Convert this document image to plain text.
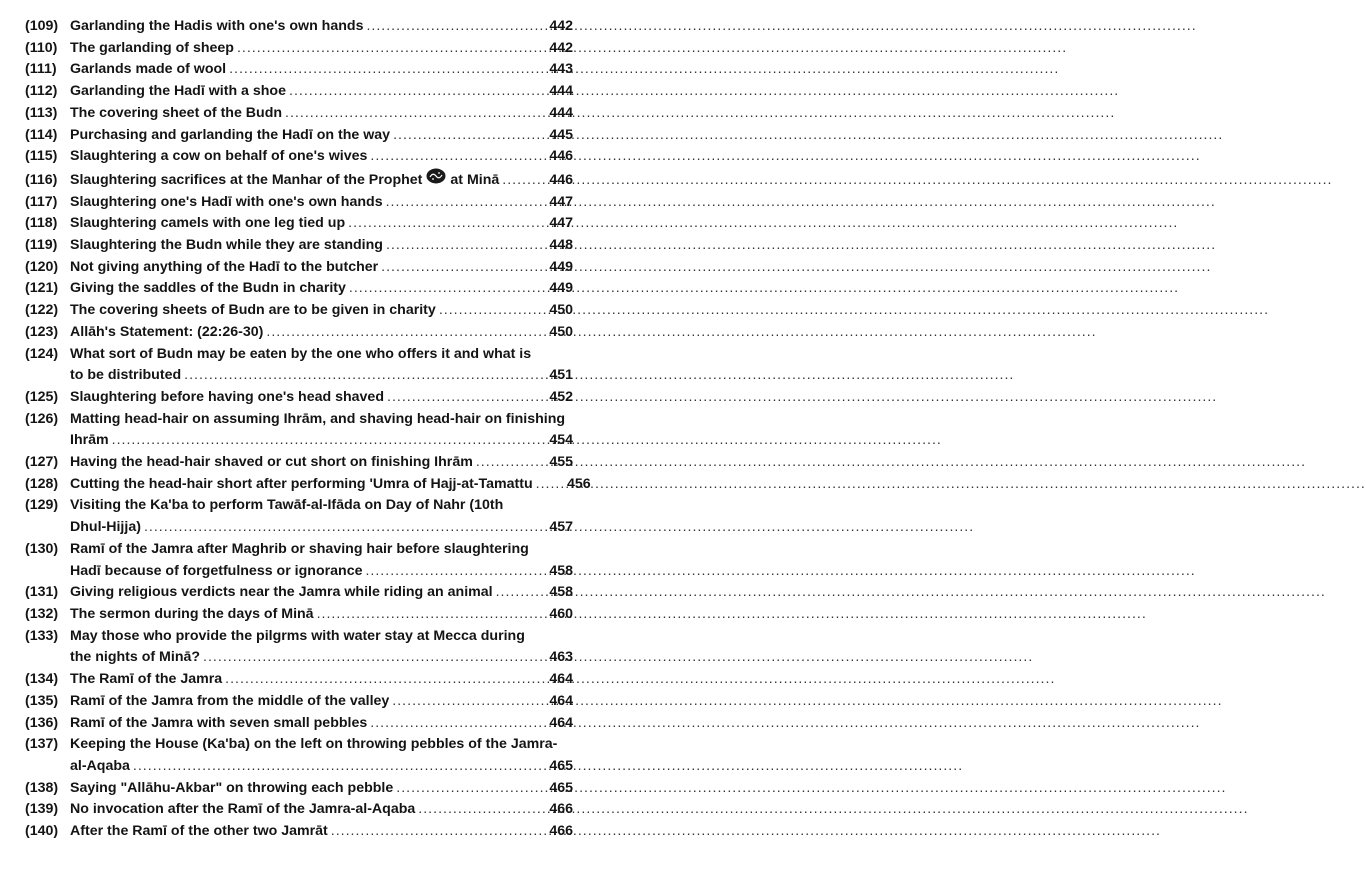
(109) Garlanding the Hadis with one's own hands .....	442
(110) The garlanding of sheep .....	442
(111) Garlands made of wool .....	443
(112) Garlanding the Hadī with a shoe .....	444
(113) The covering sheet of the Budn .....	444
(114) Purchasing and garlanding the Hadī on the way .....	445
(115) Slaughtering a cow on behalf of one's wives .....	446
(116) Slaughtering sacrifices at the Manhar of the Prophet at Minā .....	446
(117) Slaughtering one's Hadī with one's own hands .....	447
(118) Slaughtering camels with one leg tied up .....	447
(119) Slaughtering the Budn while they are standing .....	448
(120) Not giving anything of the Hadī to the butcher .....	449
(121) Giving the saddles of the Budn in charity .....	449
(122) The covering sheets of Budn are to be given in charity .....	450
(123) Allāh's Statement: (22:26-30) .....	450
(124) What sort of Budn may be eaten by the one who offers it and what is
to be distributed .....	451
(125) Slaughtering before having one's head shaved .....	452
(126) Matting head-hair on assuming Ihrām, and shaving head-hair on finishing
Ihrām .....	454
(127) Having the head-hair shaved or cut short on finishing Ihrām .....	455
(128) Cutting the head-hair short after performing 'Umra of Hajj-at-Tamattu .....	456
(129) Visiting the Ka'ba to perform Tawāf-al-Ifāda on Day of Nahr (10th
Dhul-Hijja) .....	457
(130) Ramī of the Jamra after Maghrib or shaving hair before slaughtering
Hadī because of forgetfulness or ignorance .....	458
(131) Giving religious verdicts near the Jamra while riding an animal .....	458
(132) The sermon during the days of Minā .....	460
(133) May those who provide the pilgrms with water stay at Mecca during
the nights of Minā? .....	463
(134) The Ramī of the Jamra .....	464
(135) Ramī of the Jamra from the middle of the valley .....	464
(136) Ramī of the Jamra with seven small pebbles .....	464
(137) Keeping the House (Ka'ba) on the left on throwing pebbles of the Jamra-
al-Aqaba .....	465
(138) Saying "Allāhu-Akbar" on throwing each pebble .....	465
(139) No invocation after the Ramī of the Jamra-al-Aqaba .....	466
(140) After the Ramī of the other two Jamrāt .....	466
